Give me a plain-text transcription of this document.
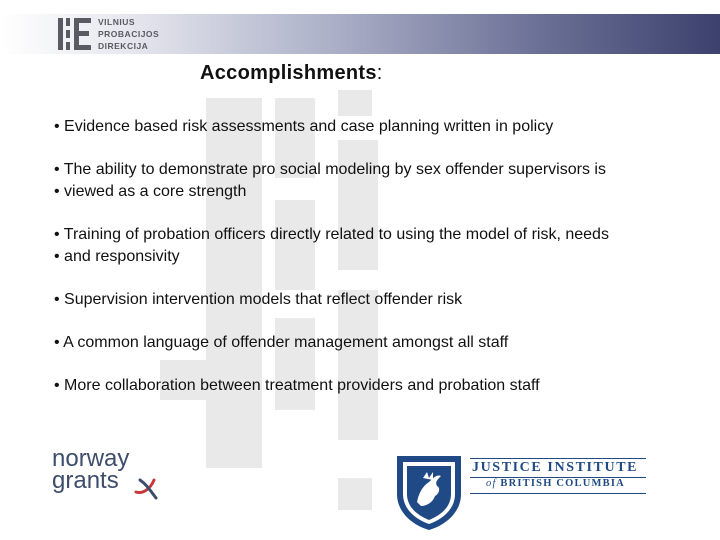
VILNIUS
PROBACIJOS
DIREKCIJA
Accomplishments:

• Evidence based risk assessments and case planning written in policy

• The ability to demonstrate pro social modeling by sex offender supervisors is

• viewed as a core strength

• Training of probation officers directly related to using the model of risk, needs

• and responsivity

• Supervision intervention models that reflect offender risk

• A common language of offender management amongst all staff

• More collaboration between treatment providers and probation staff

norway
grants	JUSTICE INSTITUTE
of BRITISH COLUMBIA
